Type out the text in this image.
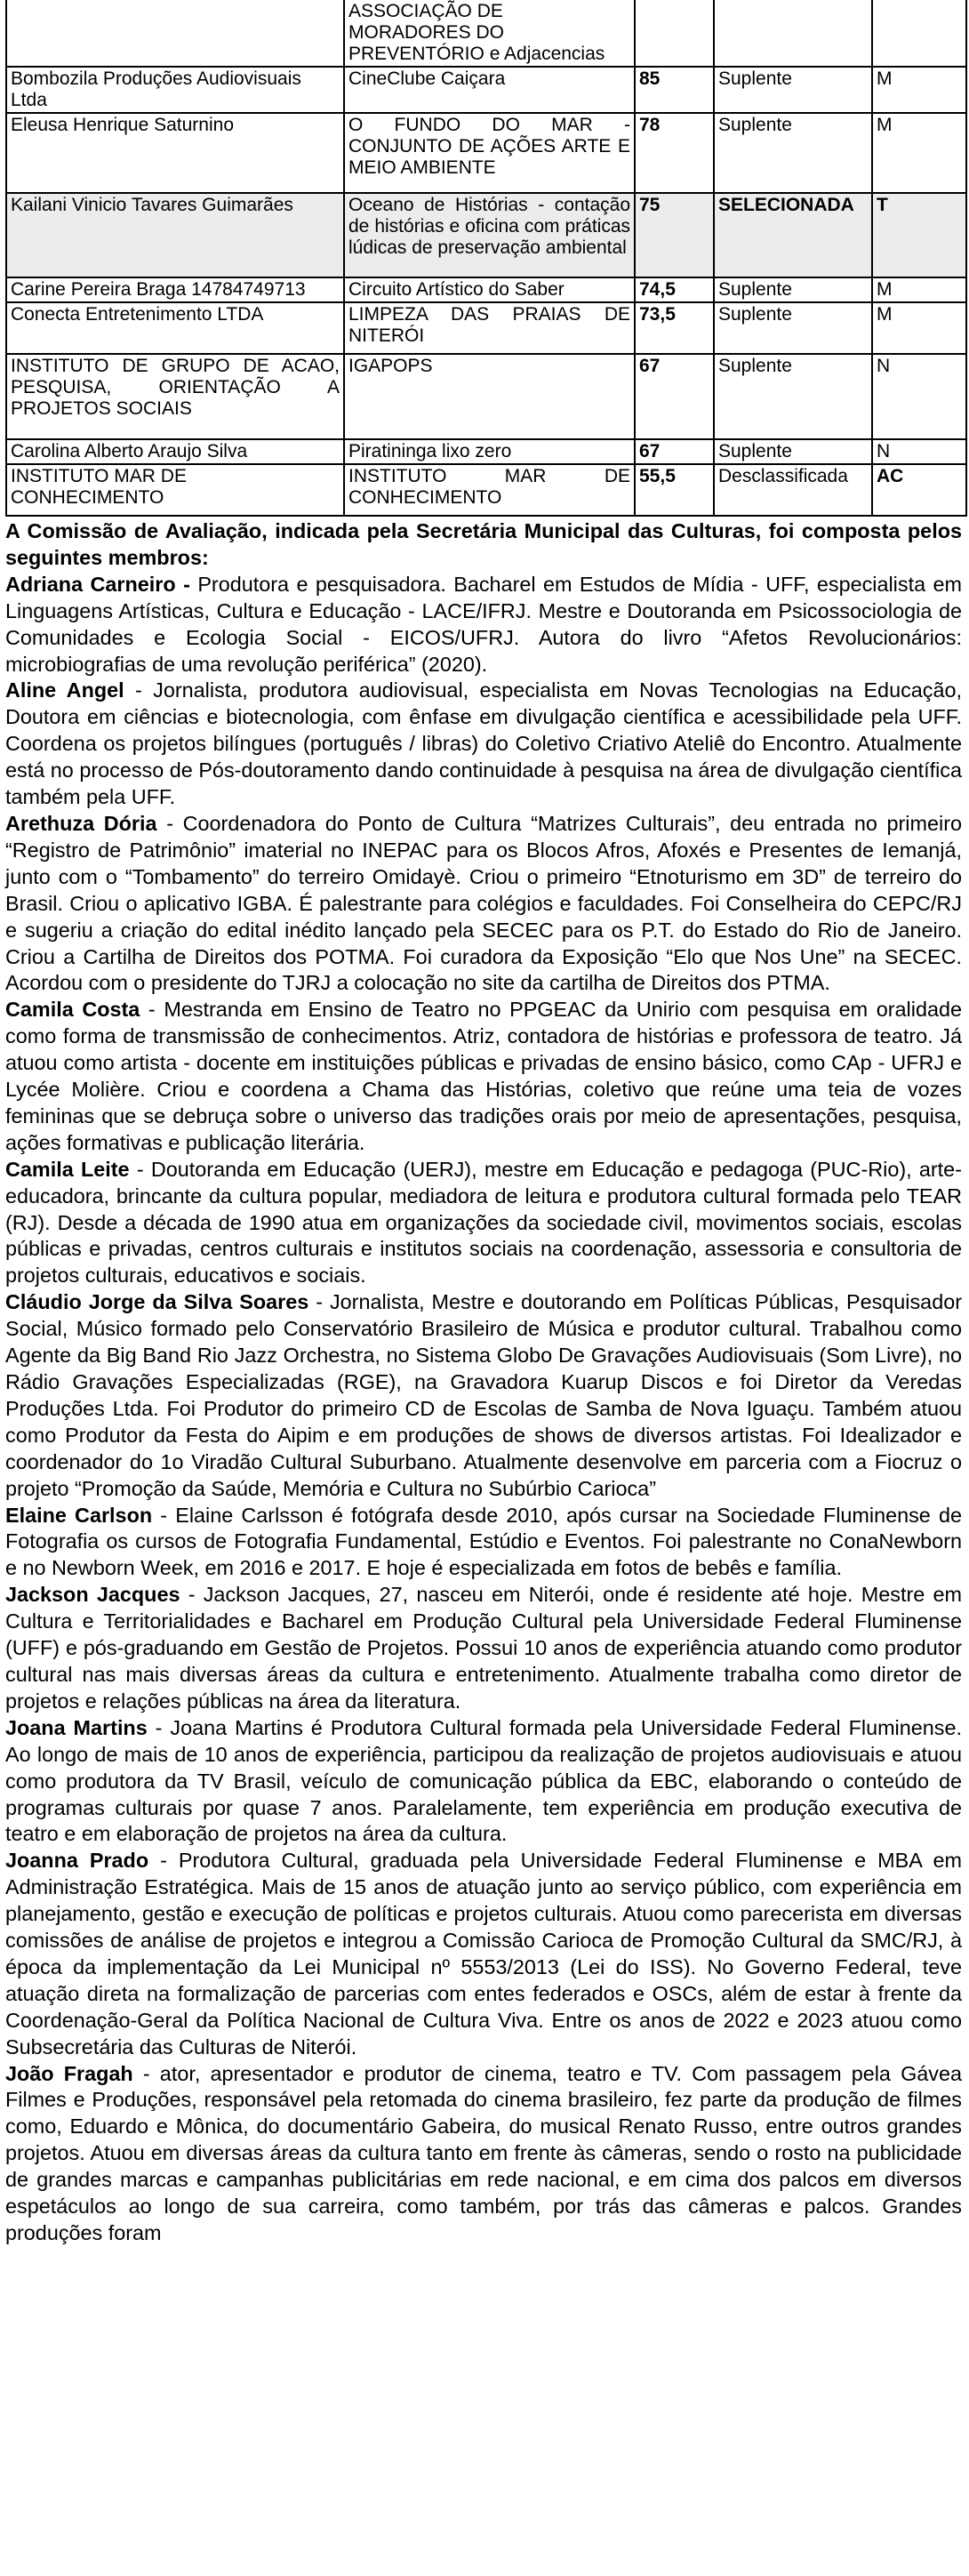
	ASSOCIAÇÃO DE MORADORES DO PREVENTÓRIO e Adjacencias			
Bombozila Produções Audiovisuais Ltda	CineClube Caiçara	85	Suplente	M
Eleusa Henrique Saturnino	O FUNDO DO MAR - CONJUNTO DE AÇÕES ARTE E MEIO AMBIENTE	78	Suplente	M
Kailani Vinicio Tavares Guimarães	Oceano de Histórias - contação de histórias e oficina com práticas lúdicas de preservação ambiental	75	SELECIONADA	T
Carine Pereira Braga 14784749713	Circuito Artístico do Saber	74,5	Suplente	M
Conecta Entretenimento LTDA	LIMPEZA DAS PRAIAS DE NITERÓI	73,5	Suplente	M
INSTITUTO DE GRUPO DE ACAO, PESQUISA, ORIENTAÇÃO A PROJETOS SOCIAIS	IGAPOPS	67	Suplente	N
Carolina Alberto Araujo Silva	Piratininga lixo zero	67	Suplente	N
INSTITUTO MAR DE CONHECIMENTO	INSTITUTO MAR DE CONHECIMENTO	55,5	Desclassificada	AC

A Comissão de Avaliação, indicada pela Secretária Municipal das Culturas, foi composta pelos seguintes membros:

Adriana Carneiro - Produtora e pesquisadora. Bacharel em Estudos de Mídia - UFF, especialista em Linguagens Artísticas, Cultura e Educação - LACE/IFRJ. Mestre e Doutoranda em Psicossociologia de Comunidades e Ecologia Social - EICOS/UFRJ. Autora do livro “Afetos Revolucionários: microbiografias de uma revolução periférica” (2020).

Aline Angel - Jornalista, produtora audiovisual, especialista em Novas Tecnologias na Educação, Doutora em ciências e biotecnologia, com ênfase em divulgação científica e acessibilidade pela UFF. Coordena os projetos bilíngues (português / libras) do Coletivo Criativo Ateliê do Encontro. Atualmente está no processo de Pós-doutoramento dando continuidade à pesquisa na área de divulgação científica também pela UFF.

Arethuza Dória - Coordenadora do Ponto de Cultura “Matrizes Culturais”, deu entrada no primeiro “Registro de Patrimônio” imaterial no INEPAC para os Blocos Afros, Afoxés e Presentes de Iemanjá, junto com o “Tombamento” do terreiro Omidayè. Criou o primeiro “Etnoturismo em 3D” de terreiro do Brasil. Criou o aplicativo IGBA. É palestrante para colégios e faculdades. Foi Conselheira do CEPC/RJ e sugeriu a criação do edital inédito lançado pela SECEC para os P.T. do Estado do Rio de Janeiro. Criou a Cartilha de Direitos dos POTMA. Foi curadora da Exposição “Elo que Nos Une” na SECEC. Acordou com o presidente do TJRJ a colocação no site da cartilha de Direitos dos PTMA.

Camila Costa - Mestranda em Ensino de Teatro no PPGEAC da Unirio com pesquisa em oralidade como forma de transmissão de conhecimentos. Atriz, contadora de histórias e professora de teatro. Já atuou como artista - docente em instituições públicas e privadas de ensino básico, como CAp - UFRJ e Lycée Molière. Criou e coordena a Chama das Histórias, coletivo que reúne uma teia de vozes femininas que se debruça sobre o universo das tradições orais por meio de apresentações, pesquisa, ações formativas e publicação literária.

Camila Leite - Doutoranda em Educação (UERJ), mestre em Educação e pedagoga (PUC-Rio), arte-educadora, brincante da cultura popular, mediadora de leitura e produtora cultural formada pelo TEAR (RJ). Desde a década de 1990 atua em organizações da sociedade civil, movimentos sociais, escolas públicas e privadas, centros culturais e institutos sociais na coordenação, assessoria e consultoria de projetos culturais, educativos e sociais.

Cláudio Jorge da Silva Soares - Jornalista, Mestre e doutorando em Políticas Públicas, Pesquisador Social, Músico formado pelo Conservatório Brasileiro de Música e produtor cultural. Trabalhou como Agente da Big Band Rio Jazz Orchestra, no Sistema Globo De Gravações Audiovisuais (Som Livre), no Rádio Gravações Especializadas (RGE), na Gravadora Kuarup Discos e foi Diretor da Veredas Produções Ltda. Foi Produtor do primeiro CD de Escolas de Samba de Nova Iguaçu. Também atuou como Produtor da Festa do Aipim e em produções de shows de diversos artistas. Foi Idealizador e coordenador do 1o Viradão Cultural Suburbano. Atualmente desenvolve em parceria com a Fiocruz o projeto “Promoção da Saúde, Memória e Cultura no Subúrbio Carioca”

Elaine Carlson - Elaine Carlsson é fotógrafa desde 2010, após cursar na Sociedade Fluminense de Fotografia os cursos de Fotografia Fundamental, Estúdio e Eventos. Foi palestrante no ConaNewborn e no Newborn Week, em 2016 e 2017. E hoje é especializada em fotos de bebês e família.

Jackson Jacques - Jackson Jacques, 27, nasceu em Niterói, onde é residente até hoje. Mestre em Cultura e Territorialidades e Bacharel em Produção Cultural pela Universidade Federal Fluminense (UFF) e pós-graduando em Gestão de Projetos. Possui 10 anos de experiência atuando como produtor cultural nas mais diversas áreas da cultura e entretenimento. Atualmente trabalha como diretor de projetos e relações públicas na área da literatura.

Joana Martins - Joana Martins é Produtora Cultural formada pela Universidade Federal Fluminense. Ao longo de mais de 10 anos de experiência, participou da realização de projetos audiovisuais e atuou como produtora da TV Brasil, veículo de comunicação pública da EBC, elaborando o conteúdo de programas culturais por quase 7 anos. Paralelamente, tem experiência em produção executiva de teatro e em elaboração de projetos na área da cultura.

Joanna Prado - Produtora Cultural, graduada pela Universidade Federal Fluminense e MBA em Administração Estratégica. Mais de 15 anos de atuação junto ao serviço público, com experiência em planejamento, gestão e execução de políticas e projetos culturais. Atuou como parecerista em diversas comissões de análise de projetos e integrou a Comissão Carioca de Promoção Cultural da SMC/RJ, à época da implementação da Lei Municipal nº 5553/2013 (Lei do ISS). No Governo Federal, teve atuação direta na formalização de parcerias com entes federados e OSCs, além de estar à frente da Coordenação-Geral da Política Nacional de Cultura Viva. Entre os anos de 2022 e 2023 atuou como Subsecretária das Culturas de Niterói.

João Fragah - ator, apresentador e produtor de cinema, teatro e TV. Com passagem pela Gávea Filmes e Produções, responsável pela retomada do cinema brasileiro, fez parte da produção de filmes como, Eduardo e Mônica, do documentário Gabeira, do musical Renato Russo, entre outros grandes projetos. Atuou em diversas áreas da cultura tanto em frente às câmeras, sendo o rosto na publicidade de grandes marcas e campanhas publicitárias em rede nacional, e em cima dos palcos em diversos espetáculos ao longo de sua carreira, como também, por trás das câmeras e palcos. Grandes produções foram
